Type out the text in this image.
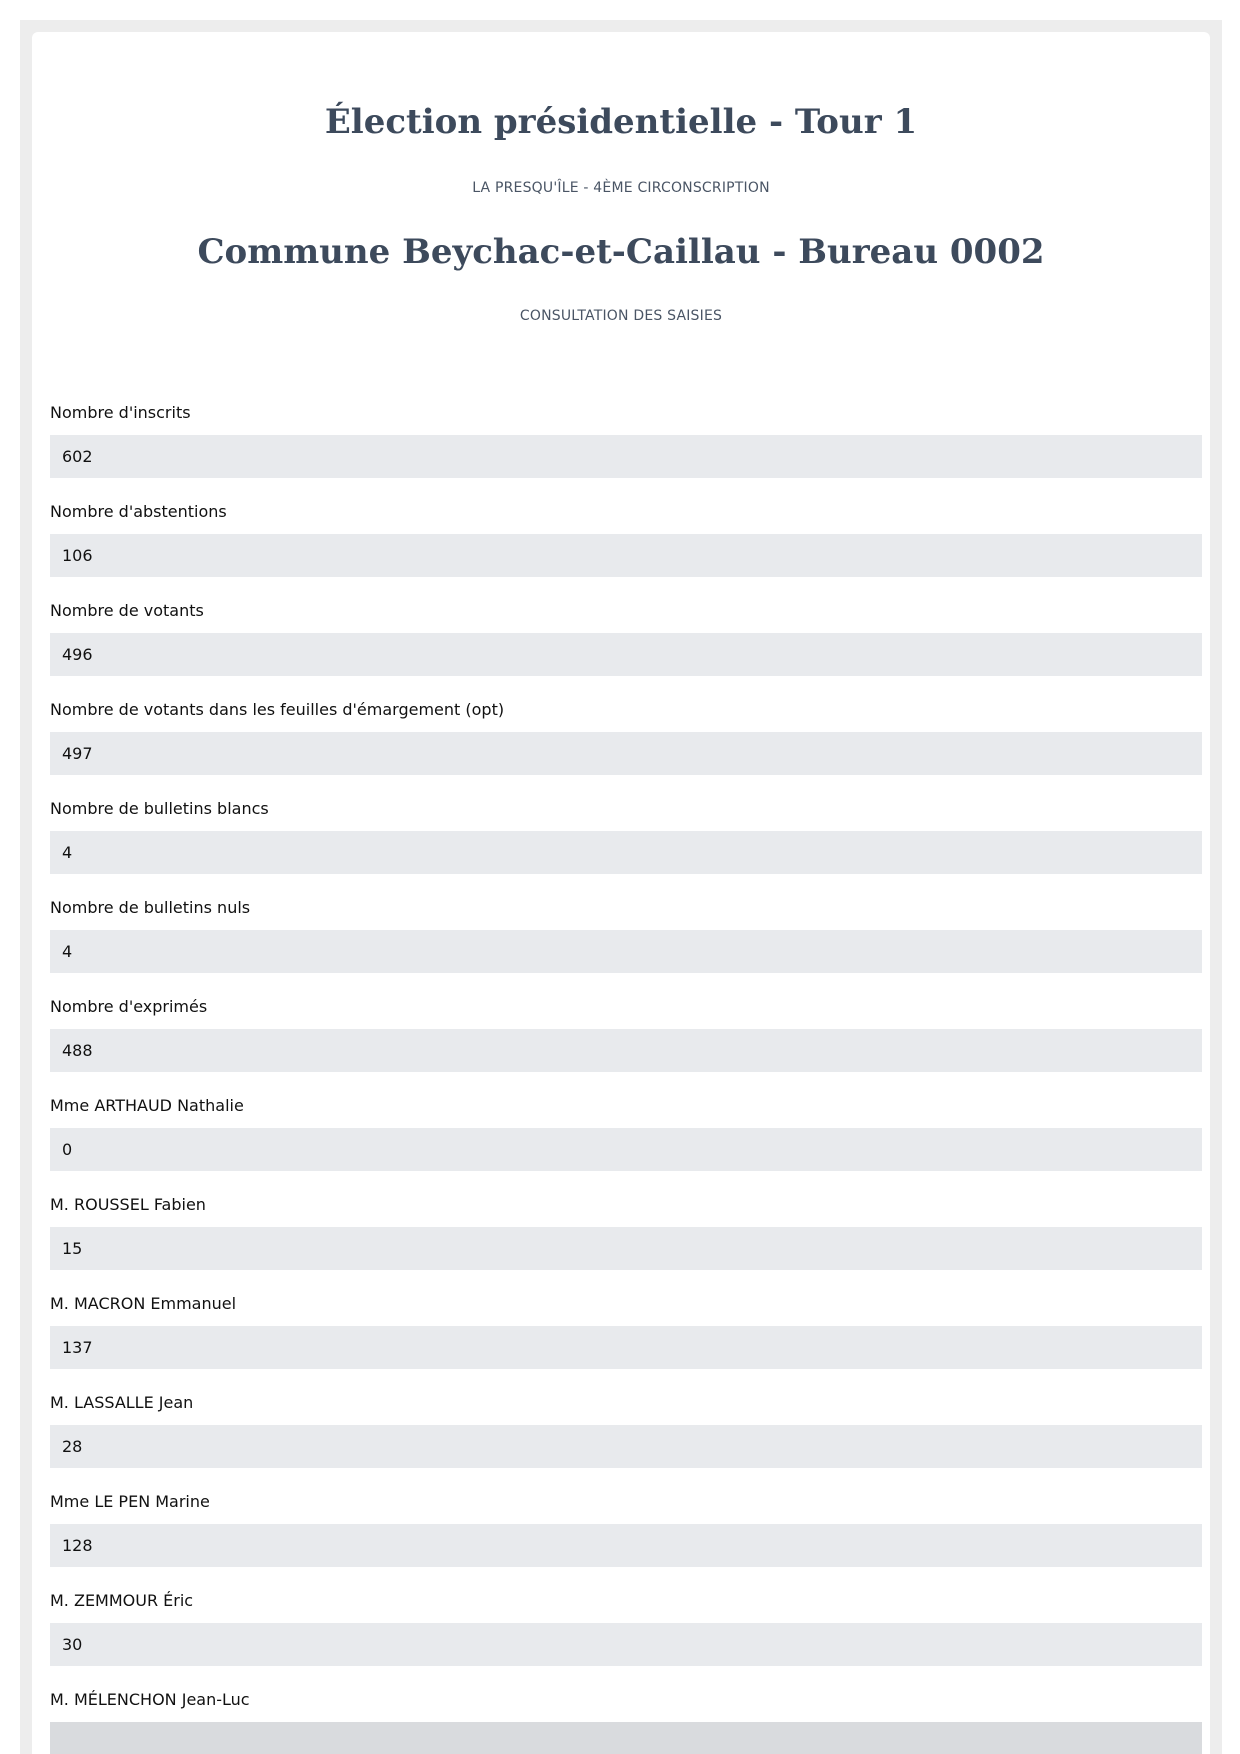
Élection présidentielle - Tour 1
LA PRESQU'ÎLE - 4ÈME CIRCONSCRIPTION
Commune Beychac-et-Caillau - Bureau 0002
CONSULTATION DES SAISIES
Nombre d'inscrits
602
Nombre d'abstentions
106
Nombre de votants
496
Nombre de votants dans les feuilles d'émargement (opt)
497
Nombre de bulletins blancs
4
Nombre de bulletins nuls
4
Nombre d'exprimés
488
Mme ARTHAUD Nathalie
0
M. ROUSSEL Fabien
15
M. MACRON Emmanuel
137
M. LASSALLE Jean
28
Mme LE PEN Marine
128
M. ZEMMOUR Éric
30
M. MÉLENCHON Jean-Luc
